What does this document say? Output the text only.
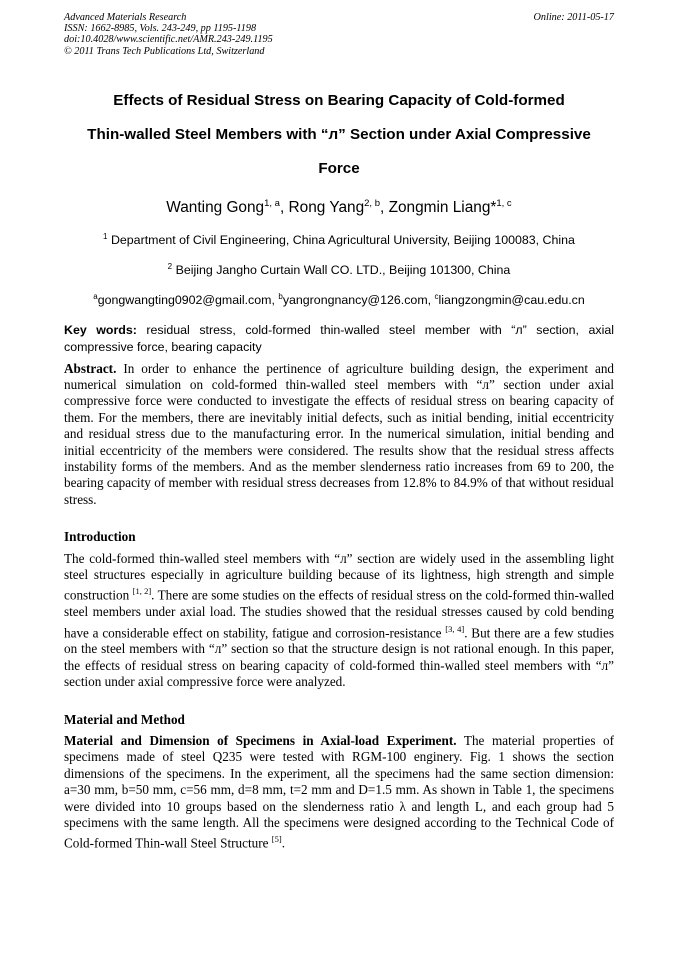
Advanced Materials Research
ISSN: 1662-8985, Vols. 243-249, pp 1195-1198
doi:10.4028/www.scientific.net/AMR.243-249.1195
© 2011 Trans Tech Publications Ltd, Switzerland
Online: 2011-05-17
Effects of Residual Stress on Bearing Capacity of Cold-formed
Thin-walled Steel Members with “л” Section under Axial Compressive
Force
Wanting Gong$^{1, a}$, Rong Yang$^{2, b}$, Zongmin Liang*$^{1, c}$
$^1$ Department of Civil Engineering, China Agricultural University, Beijing 100083, China
$^2$ Beijing Jangho Curtain Wall CO. LTD., Beijing 101300, China
$^a$gongwangting0902@gmail.com, $^b$yangrongnancy@126.com, $^c$liangzongmin@cau.edu.cn
Key words: residual stress, cold-formed thin-walled steel member with “л” section, axial compressive force, bearing capacity

Abstract. In order to enhance the pertinence of agriculture building design, the experiment and numerical simulation on cold-formed thin-walled steel members with “л” section under axial compressive force were conducted to investigate the effects of residual stress on bearing capacity of them. For the members, there are inevitably initial defects, such as initial bending, initial eccentricity and residual stress due to the manufacturing error. In the numerical simulation, initial bending and initial eccentricity of the members were considered. The results show that the residual stress affects instability forms of the members. And as the member slenderness ratio increases from 69 to 200, the bearing capacity of member with residual stress decreases from 12.8% to 84.9% of that without residual stress.

Introduction

The cold-formed thin-walled steel members with “л” section are widely used in the assembling light steel structures especially in agriculture building because of its lightness, high strength and simple construction [1, 2]. There are some studies on the effects of residual stress on the cold-formed thin-walled steel members under axial load. The studies showed that the residual stresses caused by cold bending have a considerable effect on stability, fatigue and corrosion-resistance [3, 4]. But there are a few studies on the steel members with “л” section so that the structure design is not rational enough. In this paper, the effects of residual stress on bearing capacity of cold-formed thin-walled steel members with “л” section under axial compressive force were analyzed.

Material and Method

Material and Dimension of Specimens in Axial-load Experiment. The material properties of specimens made of steel Q235 were tested with RGM-100 enginery. Fig. 1 shows the section dimensions of the specimens. In the experiment, all the specimens had the same section dimension: a=30 mm, b=50 mm, c=56 mm, d=8 mm, t=2 mm and D=1.5 mm. As shown in Table 1, the specimens were divided into 10 groups based on the slenderness ratio λ and length L, and each group had 5 specimens with the same length. All the specimens were designed according to the Technical Code of Cold-formed Thin-wall Steel Structure [5].
